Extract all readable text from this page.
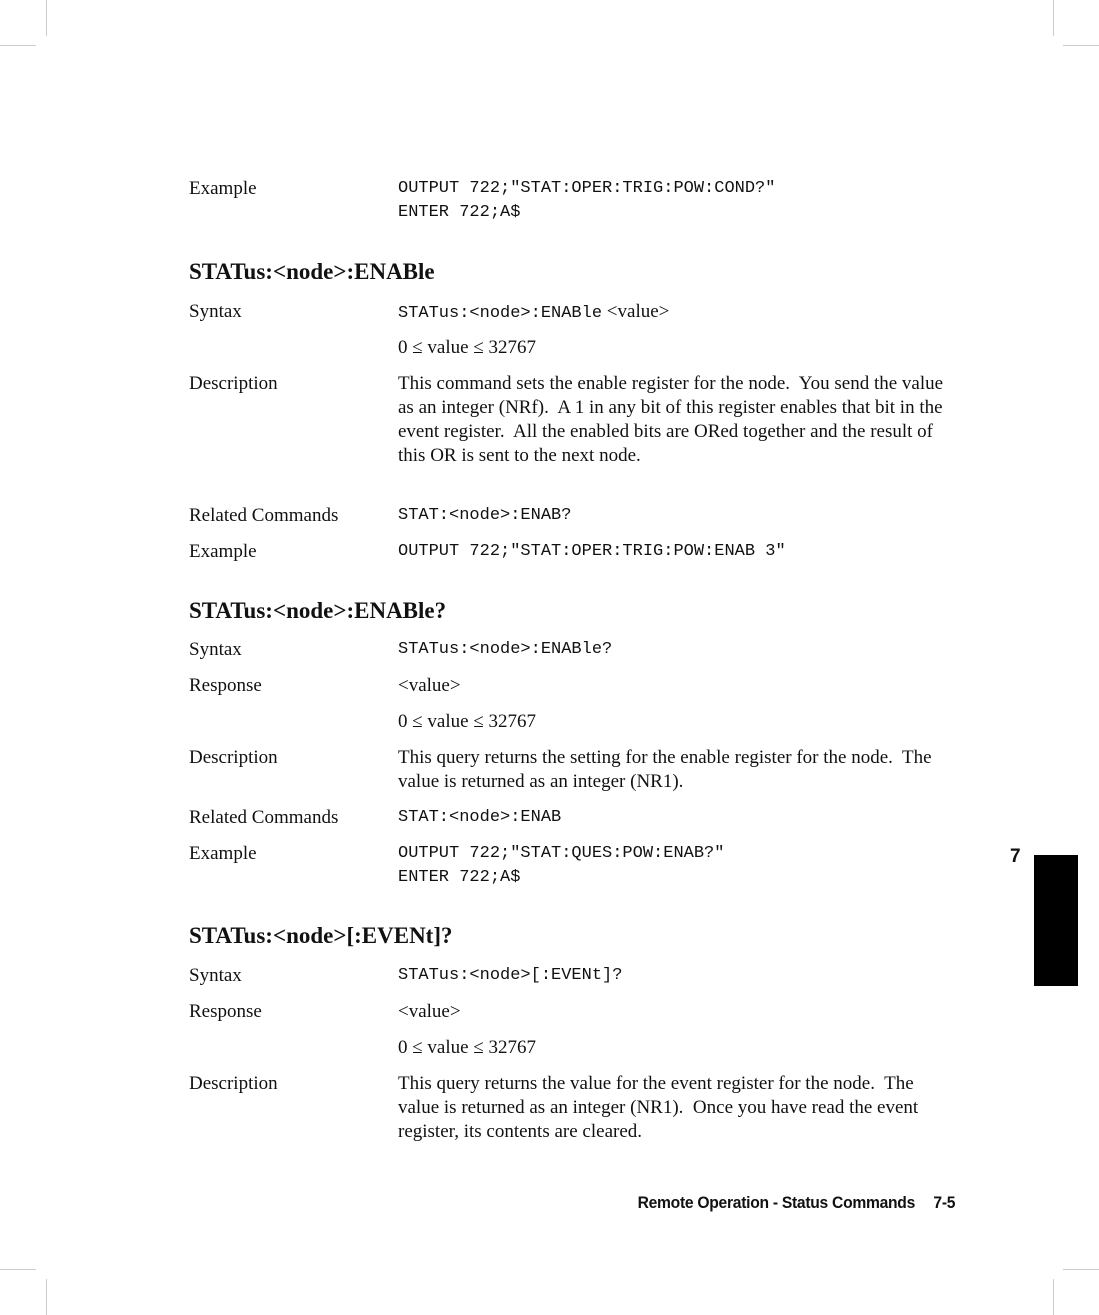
Example	OUTPUT 722;"STAT:OPER:TRIG:POW:COND?"
ENTER 722;A$
STATus:<node>:ENABle
Syntax	STATus:<node>:ENABle <value>
0 ≤ value ≤ 32767
Description	This command sets the enable register for the node.  You send the value as an integer (NRf).  A 1 in any bit of this register enables that bit in the event register.  All the enabled bits are ORed together and the result of this OR is sent to the next node.
Related Commands	STAT:<node>:ENAB?
Example	OUTPUT 722;"STAT:OPER:TRIG:POW:ENAB 3"
STATus:<node>:ENABle?
Syntax	STATus:<node>:ENABle?
Response	<value>
0 ≤ value ≤ 32767
Description	This query returns the setting for the enable register for the node.  The value is returned as an integer (NR1).
Related Commands	STAT:<node>:ENAB
Example	OUTPUT 722;"STAT:QUES:POW:ENAB?"
ENTER 722;A$
STATus:<node>[:EVENt]?
Syntax	STATus:<node>[:EVENt]?
Response	<value>
0 ≤ value ≤ 32767
Description	This query returns the value for the event register for the node.  The value is returned as an integer (NR1).  Once you have read the event register, its contents are cleared.
7
Remote Operation - Status Commands 7-5
